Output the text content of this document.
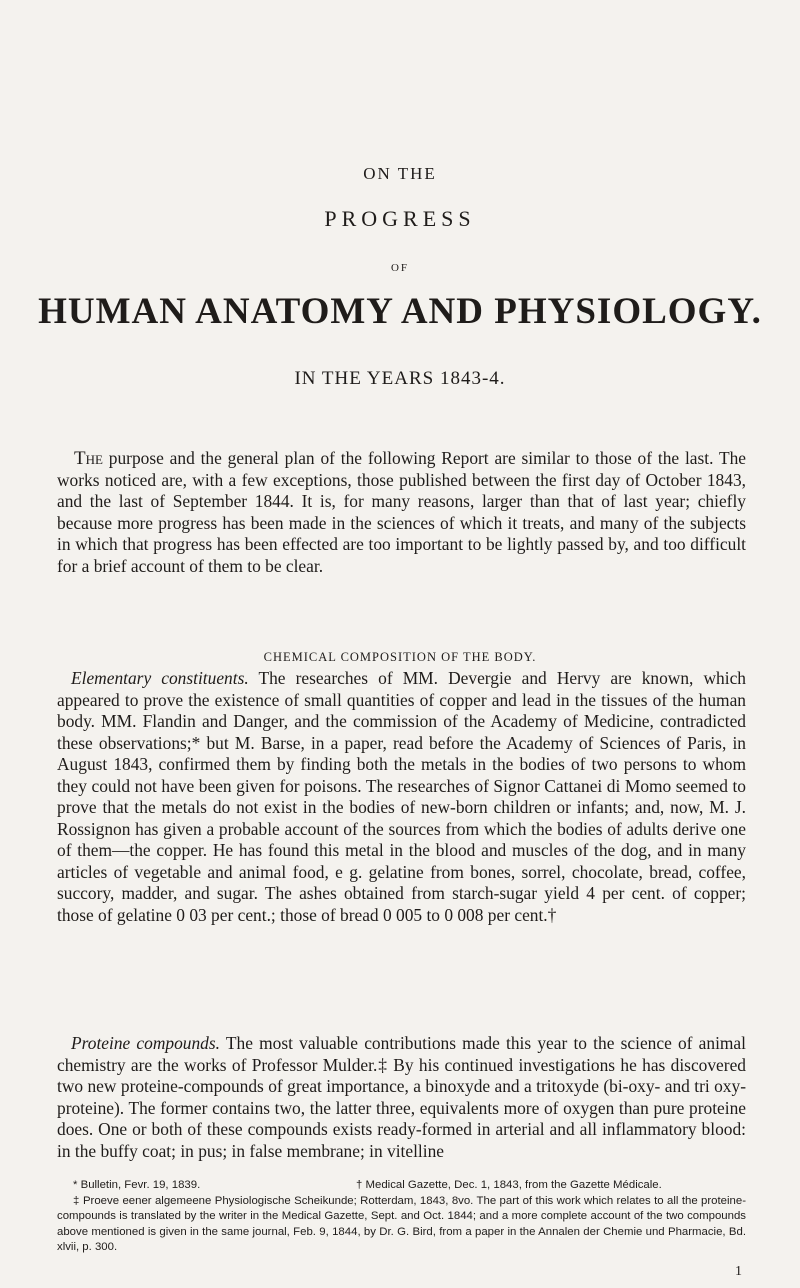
ON THE
PROGRESS
OF
HUMAN ANATOMY AND PHYSIOLOGY.
IN THE YEARS 1843-4.

The purpose and the general plan of the following Report are similar to those of the last. The works noticed are, with a few exceptions, those published between the first day of October 1843, and the last of September 1844. It is, for many reasons, larger than that of last year; chiefly because more progress has been made in the sciences of which it treats, and many of the subjects in which that progress has been effected are too important to be lightly passed by, and too difficult for a brief account of them to be clear.

CHEMICAL COMPOSITION OF THE BODY.

Elementary constituents. The researches of MM. Devergie and Hervy are known, which appeared to prove the existence of small quantities of copper and lead in the tissues of the human body. MM. Flandin and Danger, and the commission of the Academy of Medicine, contradicted these observations;* but M. Barse, in a paper, read before the Academy of Sciences of Paris, in August 1843, confirmed them by finding both the metals in the bodies of two persons to whom they could not have been given for poisons. The researches of Signor Cattanei di Momo seemed to prove that the metals do not exist in the bodies of new-born children or infants; and, now, M. J. Rossignon has given a probable account of the sources from which the bodies of adults derive one of them—the copper. He has found this metal in the blood and muscles of the dog, and in many articles of vegetable and animal food, e g. gelatine from bones, sorrel, chocolate, bread, coffee, succory, madder, and sugar. The ashes obtained from starch-sugar yield 4 per cent. of copper; those of gelatine 0 03 per cent.; those of bread 0 005 to 0 008 per cent.†

Proteine compounds. The most valuable contributions made this year to the science of animal chemistry are the works of Professor Mulder.‡ By his continued investigations he has discovered two new proteine-compounds of great importance, a binoxyde and a tritoxyde (bi-oxy- and tri oxy-proteine). The former contains two, the latter three, equivalents more of oxygen than pure proteine does. One or both of these compounds exists ready-formed in arterial and all inflammatory blood: in the buffy coat; in pus; in false membrane; in vitelline

* Bulletin, Fevr. 19, 1839.	† Medical Gazette, Dec. 1, 1843, from the Gazette Médicale.

‡ Proeve eener algemeene Physiologische Scheikunde; Rotterdam, 1843, 8vo. The part of this work which relates to all the proteine-compounds is translated by the writer in the Medical Gazette, Sept. and Oct. 1844; and a more complete account of the two compounds above mentioned is given in the same journal, Feb. 9, 1844, by Dr. G. Bird, from a paper in the Annalen der Chemie und Pharmacie, Bd. xlvii, p. 300.

1
